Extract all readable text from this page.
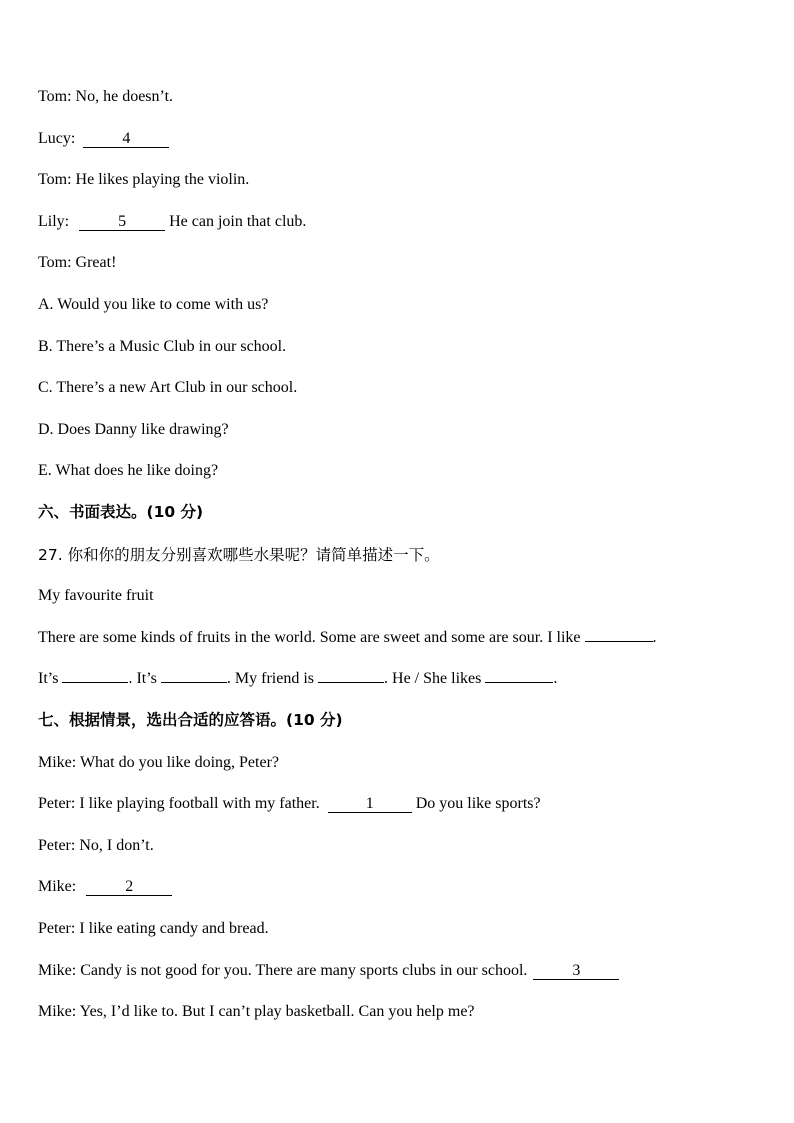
Tom: No, he doesn’t.
Lucy:	4
Tom: He likes playing the violin.
Lily:	5	He can join that club.
Tom: Great!
A. Would you like to come with us?
B. There’s a Music Club in our school.
C. There’s a new Art Club in our school.
D. Does Danny like drawing?
E. What does he like doing?
六、书面表达。(10 分)
27. 你和你的朋友分别喜欢哪些水果呢？请简单描述一下。
My favourite fruit
There are some kinds of fruits in the world. Some are sweet and some are sour. I like	.
It’s	. It’s	. My friend is	. He / She likes	.
七、根据情景，选出合适的应答语。(10 分)
Mike: What do you like doing, Peter?
Peter: I like playing football with my father.	1	Do you like sports?
Peter: No, I don’t.
Mike:	2
Peter: I like eating candy and bread.
Mike: Candy is not good for you. There are many sports clubs in our school.	3
Mike: Yes, I’d like to. But I can’t play basketball. Can you help me?
